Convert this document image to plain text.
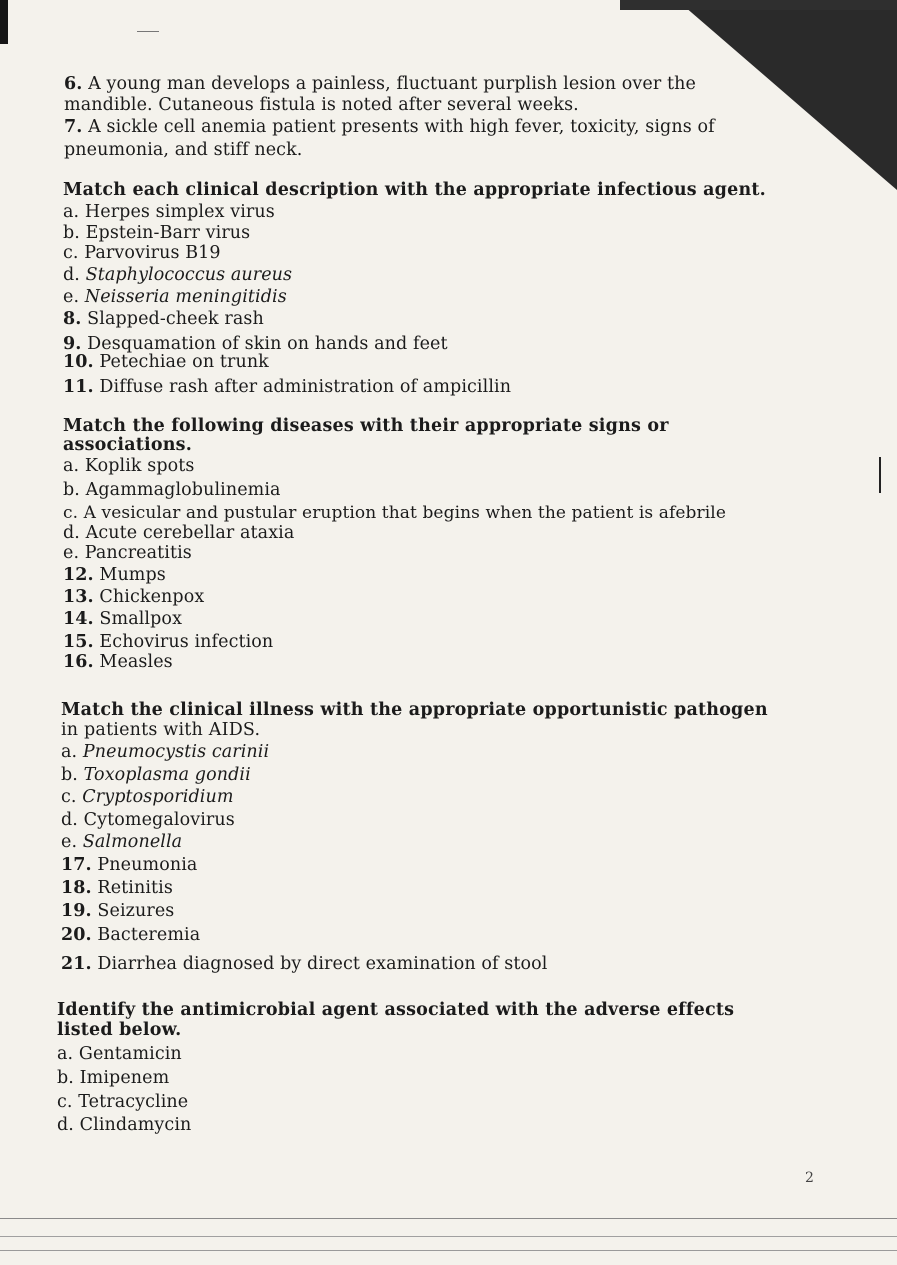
6. A young man develops a painless, fluctuant purplish lesion over the
mandible. Cutaneous fistula is noted after several weeks.
7. A sickle cell anemia patient presents with high fever, toxicity, signs of
pneumonia, and stiff neck.
Match each clinical description with the appropriate infectious agent.
a. Herpes simplex virus
b. Epstein-Barr virus
c. Parvovirus B19
d. Staphylococcus aureus
e. Neisseria meningitidis
8. Slapped-cheek rash
9. Desquamation of skin on hands and feet
10. Petechiae on trunk
11. Diffuse rash after administration of ampicillin
Match the following diseases with their appropriate signs or
associations.
a. Koplik spots
b. Agammaglobulinemia
c. A vesicular and pustular eruption that begins when the patient is afebrile
d. Acute cerebellar ataxia
e. Pancreatitis
12. Mumps
13. Chickenpox
14. Smallpox
15. Echovirus infection
16. Measles
Match the clinical illness with the appropriate opportunistic pathogen
in patients with AIDS.
a. Pneumocystis carinii
b. Toxoplasma gondii
c. Cryptosporidium
d. Cytomegalovirus
e. Salmonella
17. Pneumonia
18. Retinitis
19. Seizures
20. Bacteremia
21. Diarrhea diagnosed by direct examination of stool
Identify the antimicrobial agent associated with the adverse effects
listed below.
a. Gentamicin
b. Imipenem
c. Tetracycline
d. Clindamycin
2
